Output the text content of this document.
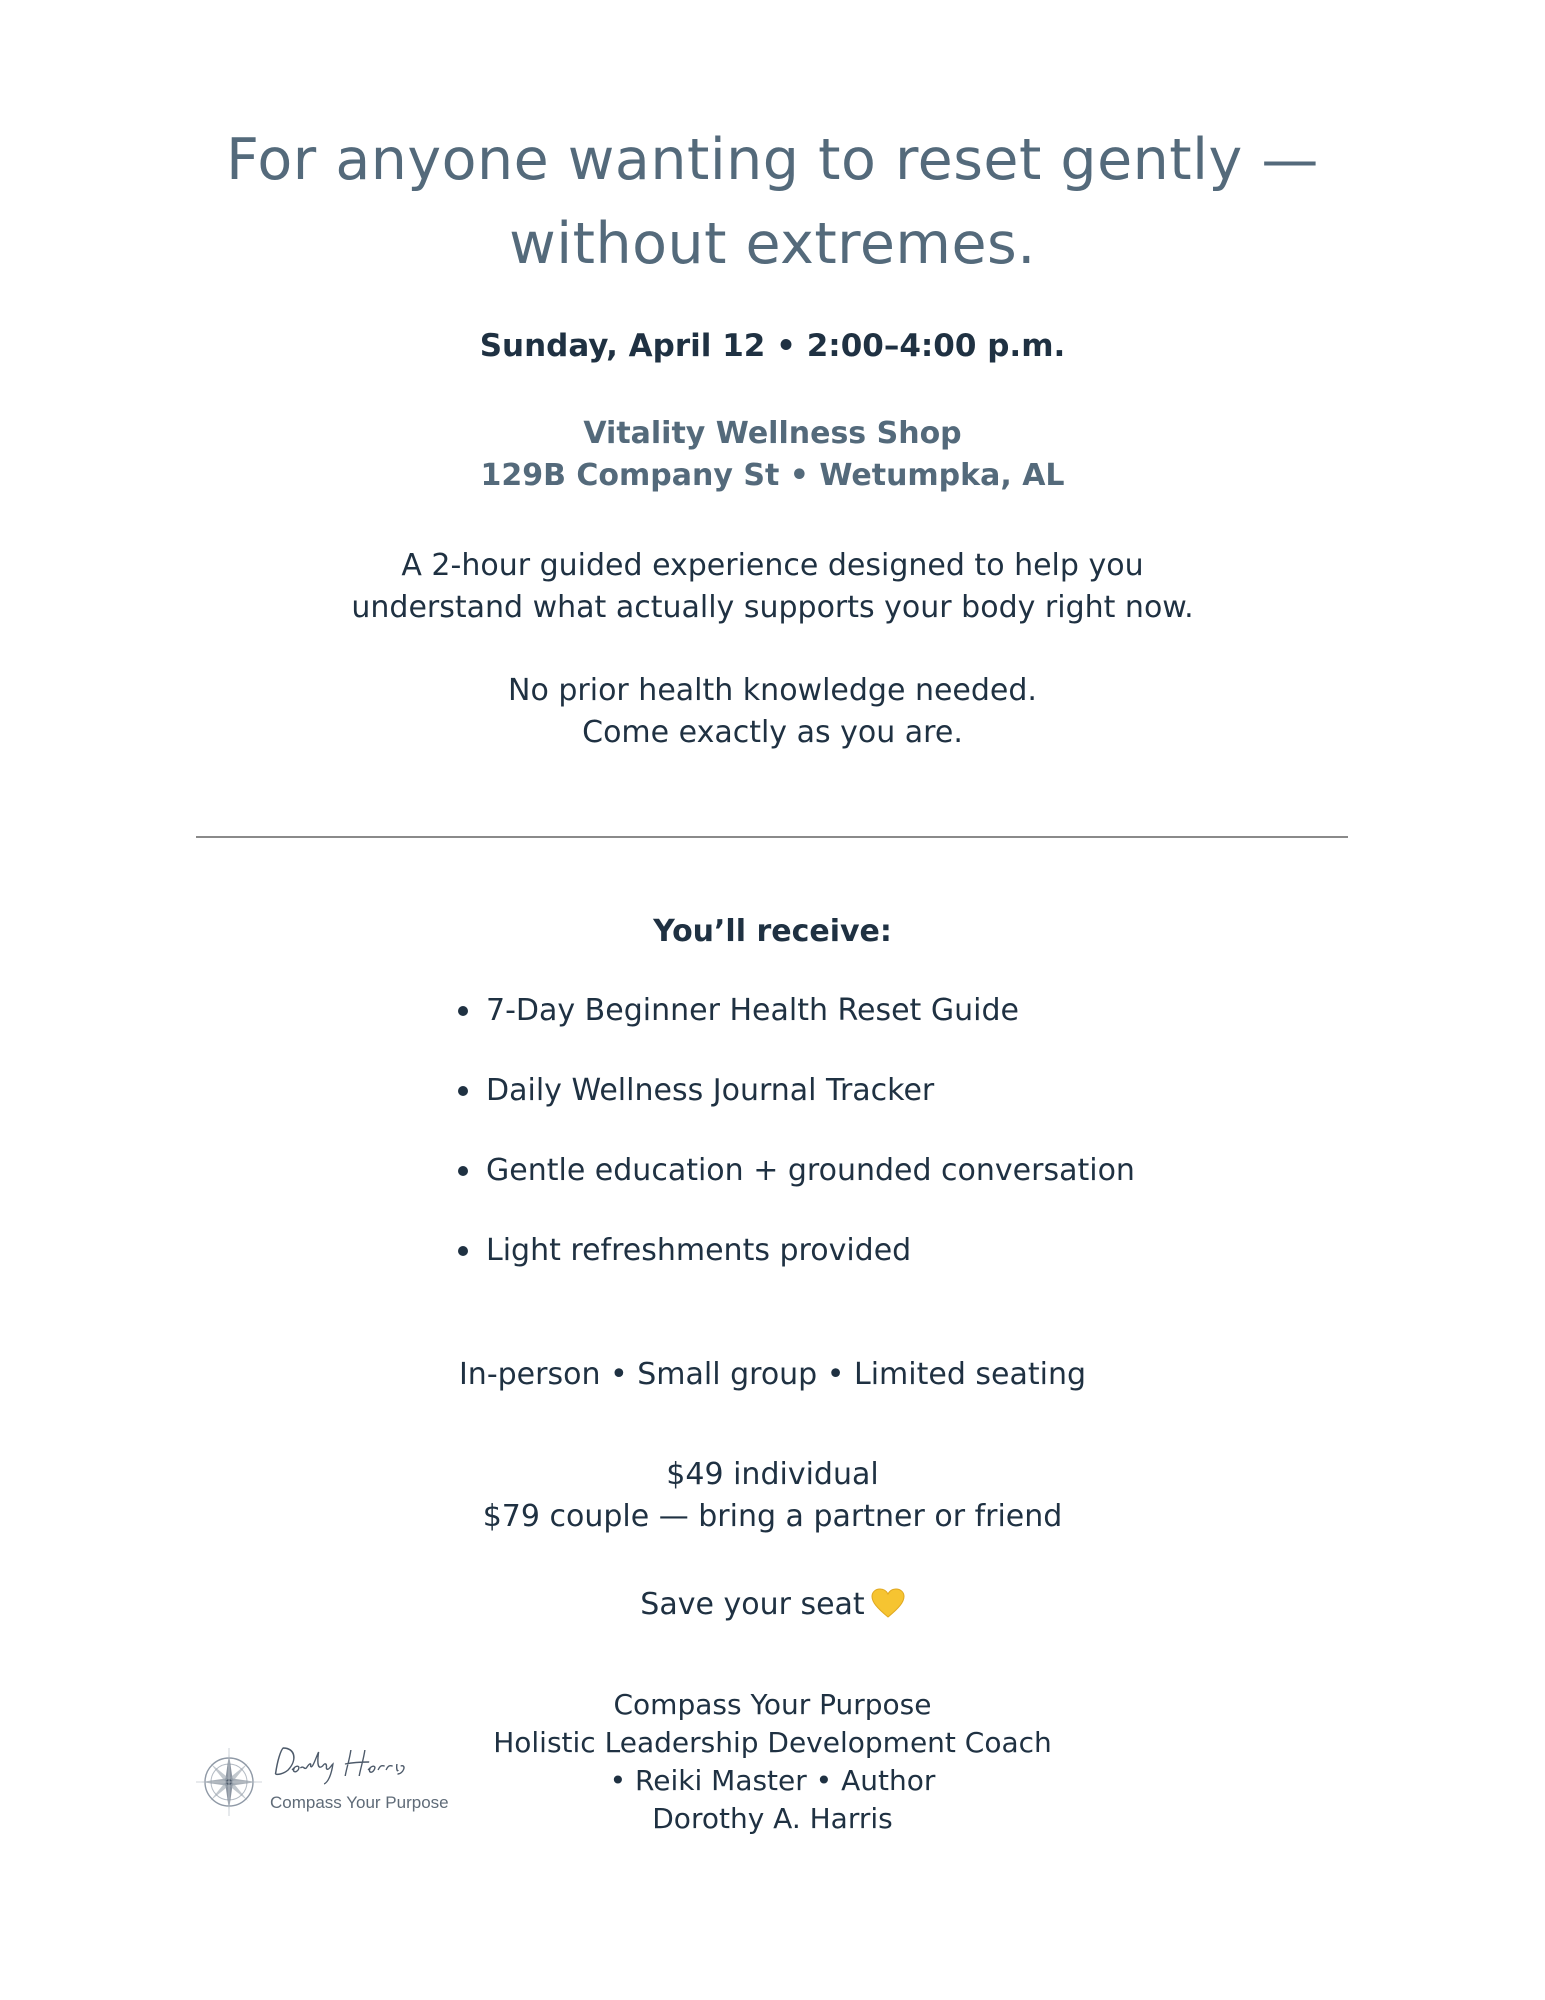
For anyone wanting to reset gently —
without extremes.
Sunday, April 12 • 2:00–4:00 p.m.
Vitality Wellness Shop
129B Company St • Wetumpka, AL
A 2-hour guided experience designed to help you
understand what actually supports your body right now.
No prior health knowledge needed.
Come exactly as you are.
You’ll receive:
7-Day Beginner Health Reset Guide
Daily Wellness Journal Tracker
Gentle education + grounded conversation
Light refreshments provided
In-person • Small group • Limited seating
$49 individual
$79 couple — bring a partner or friend
Save your seat
Compass Your Purpose
Holistic Leadership Development Coach
• Reiki Master • Author
Dorothy A. Harris
Compass Your Purpose
